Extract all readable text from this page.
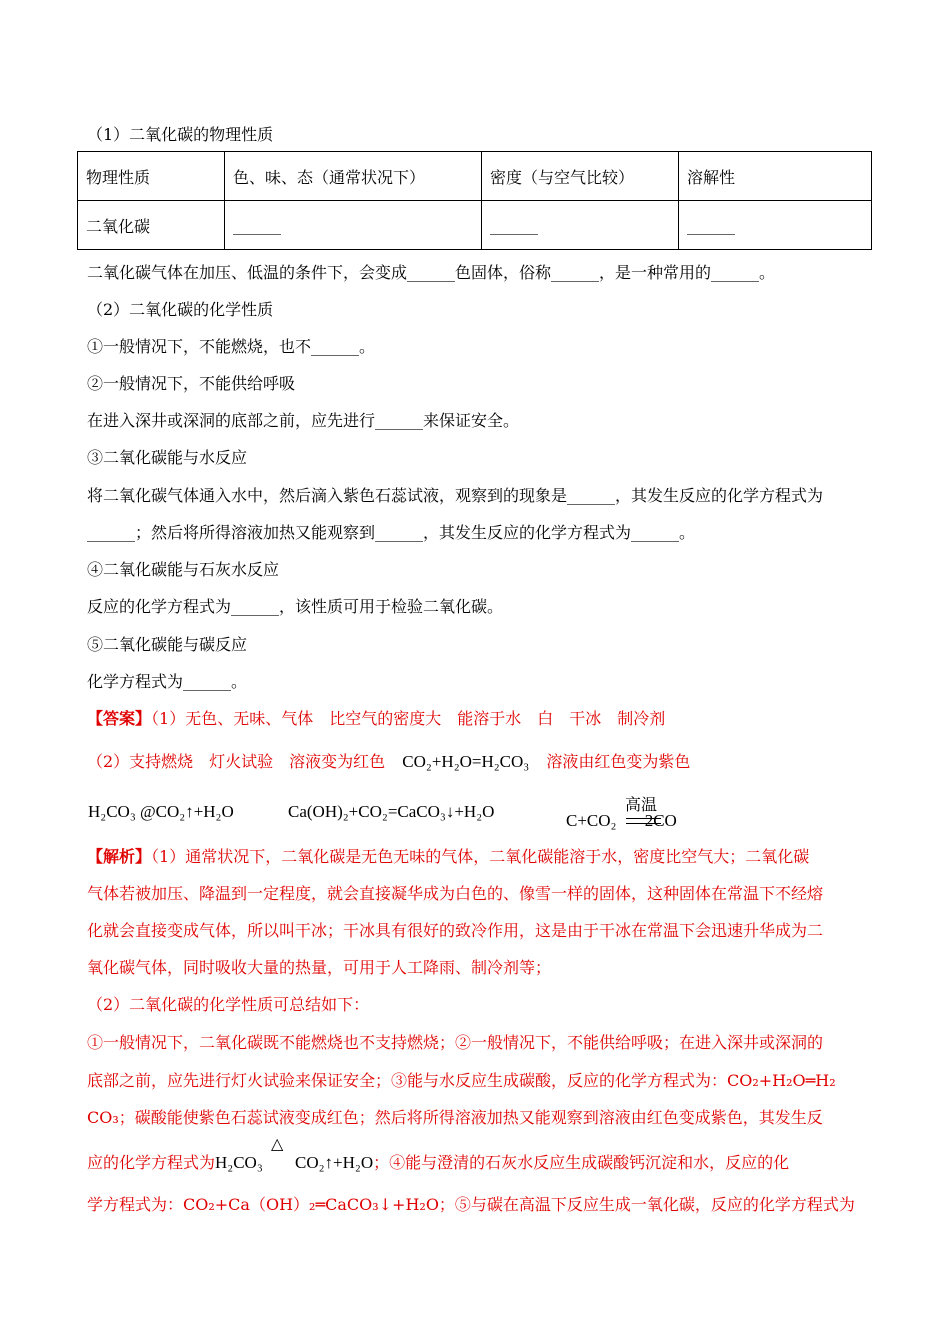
（1）二氧化碳的物理性质
物理性质	色、味、态（通常状况下）	密度（与空气比较）	溶解性
二氧化碳	______	______	______
二氧化碳气体在加压、低温的条件下，会变成______色固体，俗称______，是一种常用的______。
（2）二氧化碳的化学性质
①一般情况下，不能燃烧，也不______。
②一般情况下，不能供给呼吸
在进入深井或深洞的底部之前，应先进行______来保证安全。
③二氧化碳能与水反应
将二氧化碳气体通入水中，然后滴入紫色石蕊试液，观察到的现象是______，其发生反应的化学方程式为
______；然后将所得溶液加热又能观察到______，其发生反应的化学方程式为______。
④二氧化碳能与石灰水反应
反应的化学方程式为______，该性质可用于检验二氧化碳。
⑤二氧化碳能与碳反应
化学方程式为______。
【答案】（1）无色、无味、气体　比空气的密度大　能溶于水　白　干冰　制冷剂
（2）支持燃烧　灯火试验　溶液变为红色 CO₂+H₂O=H₂CO₃ 溶液由红色变为紫色
H₂CO₃ @CO₂↑+H₂O	Ca(OH)₂+CO₂=CaCO₃↓+H₂O	高温
C+CO₂ 2CO
【解析】（1）通常状况下，二氧化碳是无色无味的气体，二氧化碳能溶于水，密度比空气大；二氧化碳
气体若被加压、降温到一定程度，就会直接凝华成为白色的、像雪一样的固体，这种固体在常温下不经熔
化就会直接变成气体，所以叫干冰；干冰具有很好的致冷作用，这是由于干冰在常温下会迅速升华成为二
氧化碳气体，同时吸收大量的热量，可用于人工降雨、制冷剂等；
（2）二氧化碳的化学性质可总结如下：
①一般情况下，二氧化碳既不能燃烧也不支持燃烧；②一般情况下，不能供给呼吸；在进入深井或深洞的
底部之前，应先进行灯火试验来保证安全；③能与水反应生成碳酸，反应的化学方程式为：CO₂+H₂O═H₂
CO₃；碳酸能使紫色石蕊试液变成红色；然后将所得溶液加热又能观察到溶液由红色变成紫色，其发生反
应的化学方程式为
△
H₂CO₃ CO₂↑+H₂O；④能与澄清的石灰水反应生成碳酸钙沉淀和水，反应的化
学方程式为：CO₂+Ca（OH）₂═CaCO₃↓+H₂O；⑤与碳在高温下反应生成一氧化碳，反应的化学方程式为
